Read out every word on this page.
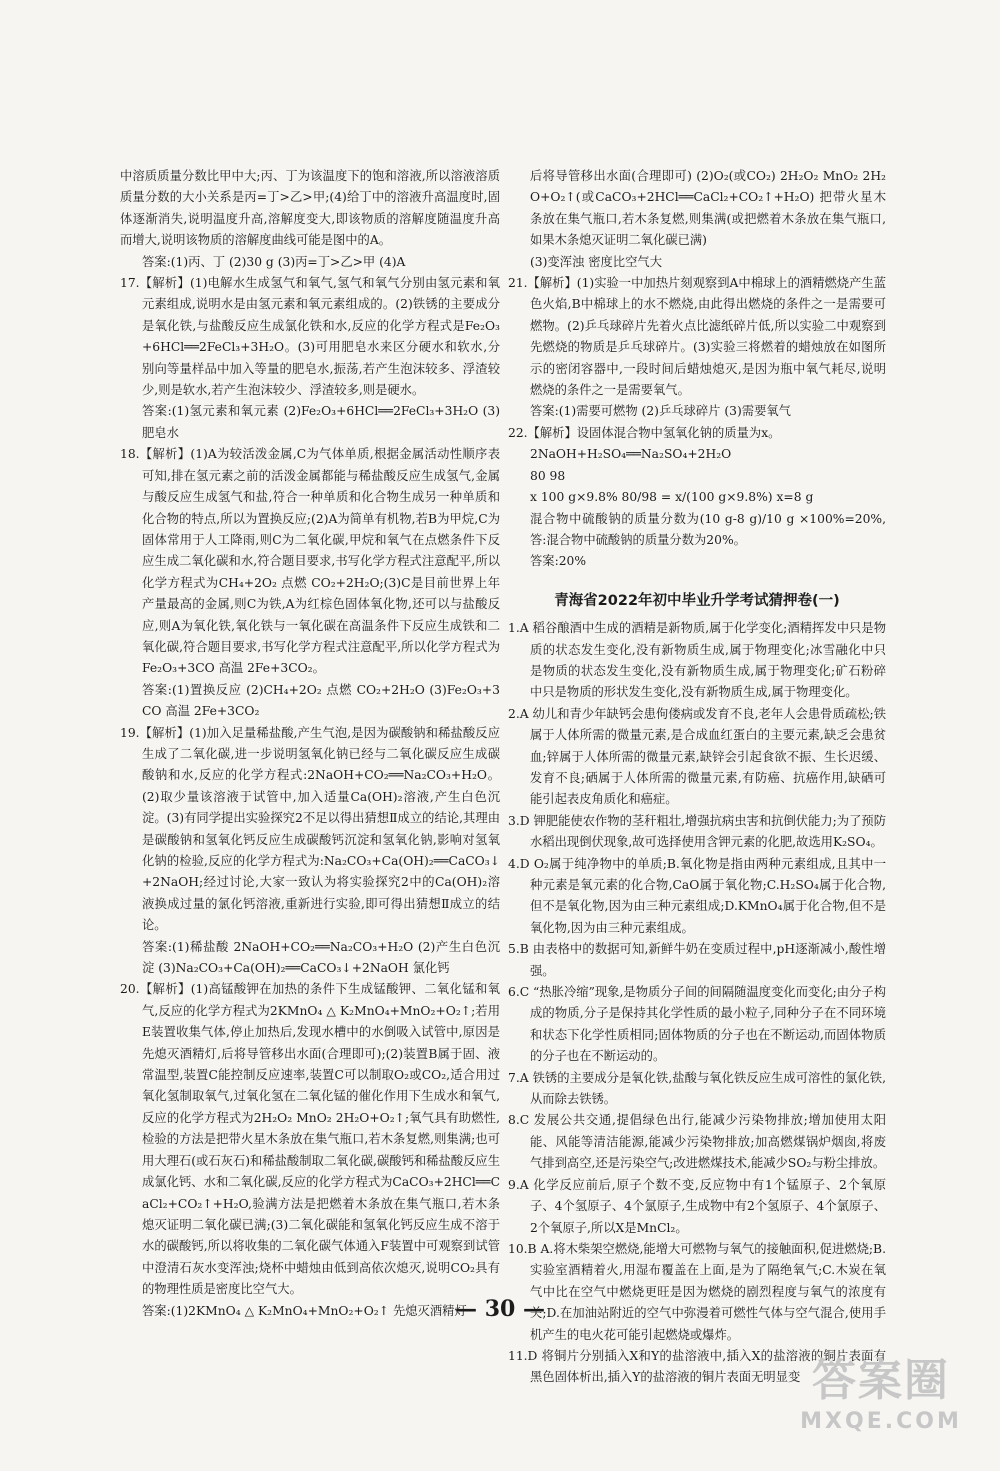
中溶质质量分数比甲中大;丙、丁为该温度下的饱和溶液,所以溶液溶质质量分数的大小关系是丙=丁>乙>甲;(4)给丁中的溶液升高温度时,固体逐渐消失,说明温度升高,溶解度变大,即该物质的溶解度随温度升高而增大,说明该物质的溶解度曲线可能是图中的A。

答案:(1)丙、丁 (2)30 g (3)丙=丁>乙>甲 (4)A

17.【解析】(1)电解水生成氢气和氧气,氢气和氧气分别由氢元素和氧元素组成,说明水是由氢元素和氧元素组成的。(2)铁锈的主要成分是氧化铁,与盐酸反应生成氯化铁和水,反应的化学方程式是Fe₂O₃+6HCl══2FeCl₃+3H₂O。(3)可用肥皂水来区分硬水和软水,分别向等量样品中加入等量的肥皂水,振荡,若产生泡沫较多、浮渣较少,则是软水,若产生泡沫较少、浮渣较多,则是硬水。

答案:(1)氢元素和氧元素 (2)Fe₂O₃+6HCl══2FeCl₃+3H₂O (3)肥皂水

18.【解析】(1)A为较活泼金属,C为气体单质,根据金属活动性顺序表可知,排在氢元素之前的活泼金属都能与稀盐酸反应生成氢气,金属与酸反应生成氢气和盐,符合一种单质和化合物生成另一种单质和化合物的特点,所以为置换反应;(2)A为简单有机物,若B为甲烷,C为固体常用于人工降雨,则C为二氧化碳,甲烷和氧气在点燃条件下反应生成二氧化碳和水,符合题目要求,书写化学方程式注意配平,所以化学方程式为CH₄+2O₂ 点燃 CO₂+2H₂O;(3)C是目前世界上年产量最高的金属,则C为铁,A为红棕色固体氧化物,还可以与盐酸反应,则A为氧化铁,氧化铁与一氧化碳在高温条件下反应生成铁和二氧化碳,符合题目要求,书写化学方程式注意配平,所以化学方程式为Fe₂O₃+3CO 高温 2Fe+3CO₂。

答案:(1)置换反应 (2)CH₄+2O₂ 点燃 CO₂+2H₂O (3)Fe₂O₃+3CO 高温 2Fe+3CO₂

19.【解析】(1)加入足量稀盐酸,产生气泡,是因为碳酸钠和稀盐酸反应生成了二氧化碳,进一步说明氢氧化钠已经与二氧化碳反应生成碳酸钠和水,反应的化学方程式:2NaOH+CO₂══Na₂CO₃+H₂O。(2)取少量该溶液于试管中,加入适量Ca(OH)₂溶液,产生白色沉淀。(3)有同学提出实验探究2不足以得出猜想Ⅱ成立的结论,其理由是碳酸钠和氢氧化钙反应生成碳酸钙沉淀和氢氧化钠,影响对氢氧化钠的检验,反应的化学方程式为:Na₂CO₃+Ca(OH)₂══CaCO₃↓+2NaOH;经过讨论,大家一致认为将实验探究2中的Ca(OH)₂溶液换成过量的氯化钙溶液,重新进行实验,即可得出猜想Ⅱ成立的结论。

答案:(1)稀盐酸 2NaOH+CO₂══Na₂CO₃+H₂O (2)产生白色沉淀 (3)Na₂CO₃+Ca(OH)₂══CaCO₃↓+2NaOH 氯化钙

20.【解析】(1)高锰酸钾在加热的条件下生成锰酸钾、二氧化锰和氧气,反应的化学方程式为2KMnO₄ △ K₂MnO₄+MnO₂+O₂↑;若用E装置收集气体,停止加热后,发现水槽中的水倒吸入试管中,原因是先熄灭酒精灯,后将导管移出水面(合理即可);(2)装置B属于固、液常温型,装置C能控制反应速率,装置C可以制取O₂或CO₂,适合用过氧化氢制取氧气,过氧化氢在二氧化锰的催化作用下生成水和氧气,反应的化学方程式为2H₂O₂ MnO₂ 2H₂O+O₂↑;氧气具有助燃性,检验的方法是把带火星木条放在集气瓶口,若木条复燃,则集满;也可用大理石(或石灰石)和稀盐酸制取二氧化碳,碳酸钙和稀盐酸反应生成氯化钙、水和二氧化碳,反应的化学方程式为CaCO₃+2HCl══CaCl₂+CO₂↑+H₂O,验满方法是把燃着木条放在集气瓶口,若木条熄灭证明二氧化碳已满;(3)二氧化碳能和氢氧化钙反应生成不溶于水的碳酸钙,所以将收集的二氧化碳气体通入F装置中可观察到试管中澄清石灰水变浑浊;烧杯中蜡烛由低到高依次熄灭,说明CO₂具有的物理性质是密度比空气大。

答案:(1)2KMnO₄ △ K₂MnO₄+MnO₂+O₂↑ 先熄灭酒精灯

后将导管移出水面(合理即可) (2)O₂(或CO₂) 2H₂O₂ MnO₂ 2H₂O+O₂↑(或CaCO₃+2HCl══CaCl₂+CO₂↑+H₂O) 把带火星木条放在集气瓶口,若木条复燃,则集满(或把燃着木条放在集气瓶口,如果木条熄灭证明二氧化碳已满)

(3)变浑浊 密度比空气大

21.【解析】(1)实验一中加热片刻观察到A中棉球上的酒精燃烧产生蓝色火焰,B中棉球上的水不燃烧,由此得出燃烧的条件之一是需要可燃物。(2)乒乓球碎片先着火点比滤纸碎片低,所以实验二中观察到先燃烧的物质是乒乓球碎片。(3)实验三将燃着的蜡烛放在如图所示的密闭容器中,一段时间后蜡烛熄灭,是因为瓶中氧气耗尽,说明燃烧的条件之一是需要氧气。

答案:(1)需要可燃物 (2)乒乓球碎片 (3)需要氧气

22.【解析】设固体混合物中氢氧化钠的质量为x。

2NaOH+H₂SO₄══Na₂SO₄+2H₂O

80 98

x 100 g×9.8% 80/98 = x/(100 g×9.8%) x=8 g

混合物中硫酸钠的质量分数为(10 g-8 g)/10 g ×100%=20%,答:混合物中硫酸钠的质量分数为20%。

答案:20%

青海省2022年初中毕业升学考试猜押卷(一)

1.A 稻谷酿酒中生成的酒精是新物质,属于化学变化;酒精挥发中只是物质的状态发生变化,没有新物质生成,属于物理变化;冰雪融化中只是物质的状态发生变化,没有新物质生成,属于物理变化;矿石粉碎中只是物质的形状发生变化,没有新物质生成,属于物理变化。

2.A 幼儿和青少年缺钙会患佝偻病或发育不良,老年人会患骨质疏松;铁属于人体所需的微量元素,是合成血红蛋白的主要元素,缺乏会患贫血;锌属于人体所需的微量元素,缺锌会引起食欲不振、生长迟缓、发育不良;硒属于人体所需的微量元素,有防癌、抗癌作用,缺硒可能引起表皮角质化和癌症。

3.D 钾肥能使农作物的茎秆粗壮,增强抗病虫害和抗倒伏能力;为了预防水稻出现倒伏现象,故可选择使用含钾元素的化肥,故选用K₂SO₄。

4.D O₂属于纯净物中的单质;B.氧化物是指由两种元素组成,且其中一种元素是氧元素的化合物,CaO属于氧化物;C.H₂SO₄属于化合物,但不是氧化物,因为由三种元素组成;D.KMnO₄属于化合物,但不是氧化物,因为由三种元素组成。

5.B 由表格中的数据可知,新鲜牛奶在变质过程中,pH逐渐减小,酸性增强。

6.C “热胀冷缩”现象,是物质分子间的间隔随温度变化而变化;由分子构成的物质,分子是保持其化学性质的最小粒子,同种分子在不同环境和状态下化学性质相同;固体物质的分子也在不断运动,而固体物质的分子也在不断运动的。

7.A 铁锈的主要成分是氧化铁,盐酸与氧化铁反应生成可溶性的氯化铁,从而除去铁锈。

8.C 发展公共交通,提倡绿色出行,能减少污染物排放;增加使用太阳能、风能等清洁能源,能减少污染物排放;加高燃煤锅炉烟囱,将废气排到高空,还是污染空气;改进燃煤技术,能减少SO₂与粉尘排放。

9.A 化学反应前后,原子个数不变,反应物中有1个锰原子、2个氧原子、4个氢原子、4个氯原子,生成物中有2个氢原子、4个氯原子、2个氧原子,所以X是MnCl₂。

10.B A.将木柴架空燃烧,能增大可燃物与氧气的接触面积,促进燃烧;B.实验室酒精着火,用湿布覆盖在上面,是为了隔绝氧气;C.木炭在氧气中比在空气中燃烧更旺是因为燃烧的剧烈程度与氧气的浓度有关;D.在加油站附近的空气中弥漫着可燃性气体与空气混合,使用手机产生的电火花可能引起燃烧或爆炸。

11.D 将铜片分别插入X和Y的盐溶液中,插入X的盐溶液的铜片表面有黑色固体析出,插入Y的盐溶液的铜片表面无明显变

— 30 —
答案圈
MXQE.COM
